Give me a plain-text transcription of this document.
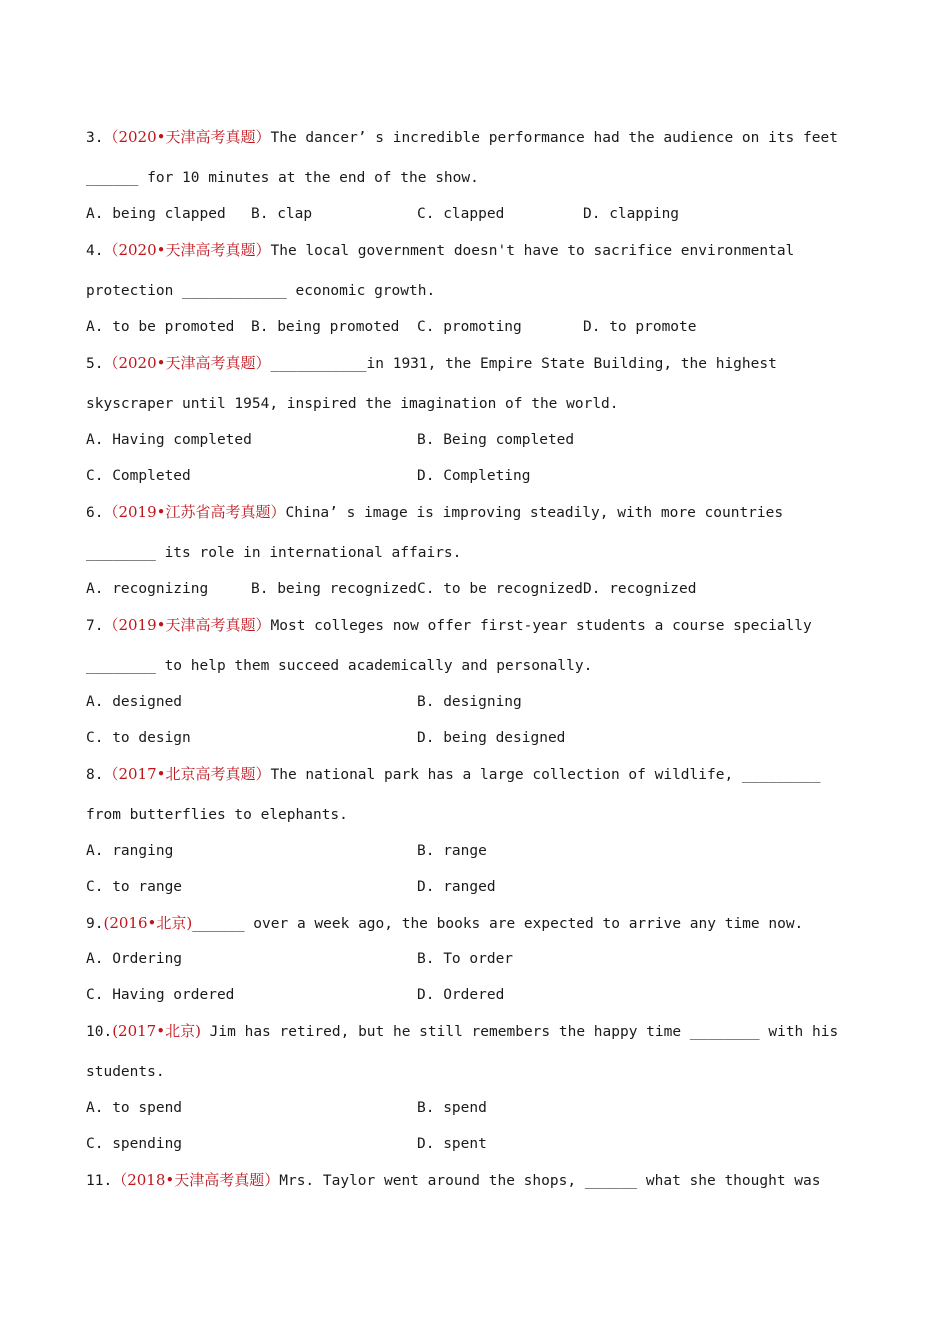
3.（2020•天津高考真题）The dancer’ s incredible performance had the audience on its feet
______ for 10 minutes at the end of the show.
A. being clapped B. clap	C. clapped	D. clapping
4.（2020•天津高考真题）The local government doesn't have to sacrifice environmental
protection ____________ economic growth.
A. to be promoted B. being promoted C. promoting	D. to promote
5.（2020•天津高考真题）___________in 1931, the Empire State Building, the highest
skyscraper until 1954, inspired the imagination of the world.
A. Having completed	B. Being completed
C. Completed	D. Completing
6.（2019•江苏省高考真题）China’ s image is improving steadily, with more countries
________ its role in international affairs.
A. recognizing	B. being recognized C. to be recognized D. recognized
7.（2019•天津高考真题）Most colleges now offer first-year students a course specially
________ to help them succeed academically and personally.
A. designed	B. designing
C. to design	D. being designed
8.（2017•北京高考真题）The national park has a large collection of wildlife, _________
from butterflies to elephants.
A. ranging	B. range
C. to range	D. ranged
9.(2016•北京)______ over a week ago, the books are expected to arrive any time now.
A. Ordering	B. To order
C. Having ordered	D. Ordered
10.(2017•北京) Jim has retired, but he still remembers the happy time ________ with his
students.
A. to spend	B. spend
C. spending	D. spent
11.（2018•天津高考真题）Mrs. Taylor went around the shops, ______ what she thought was
